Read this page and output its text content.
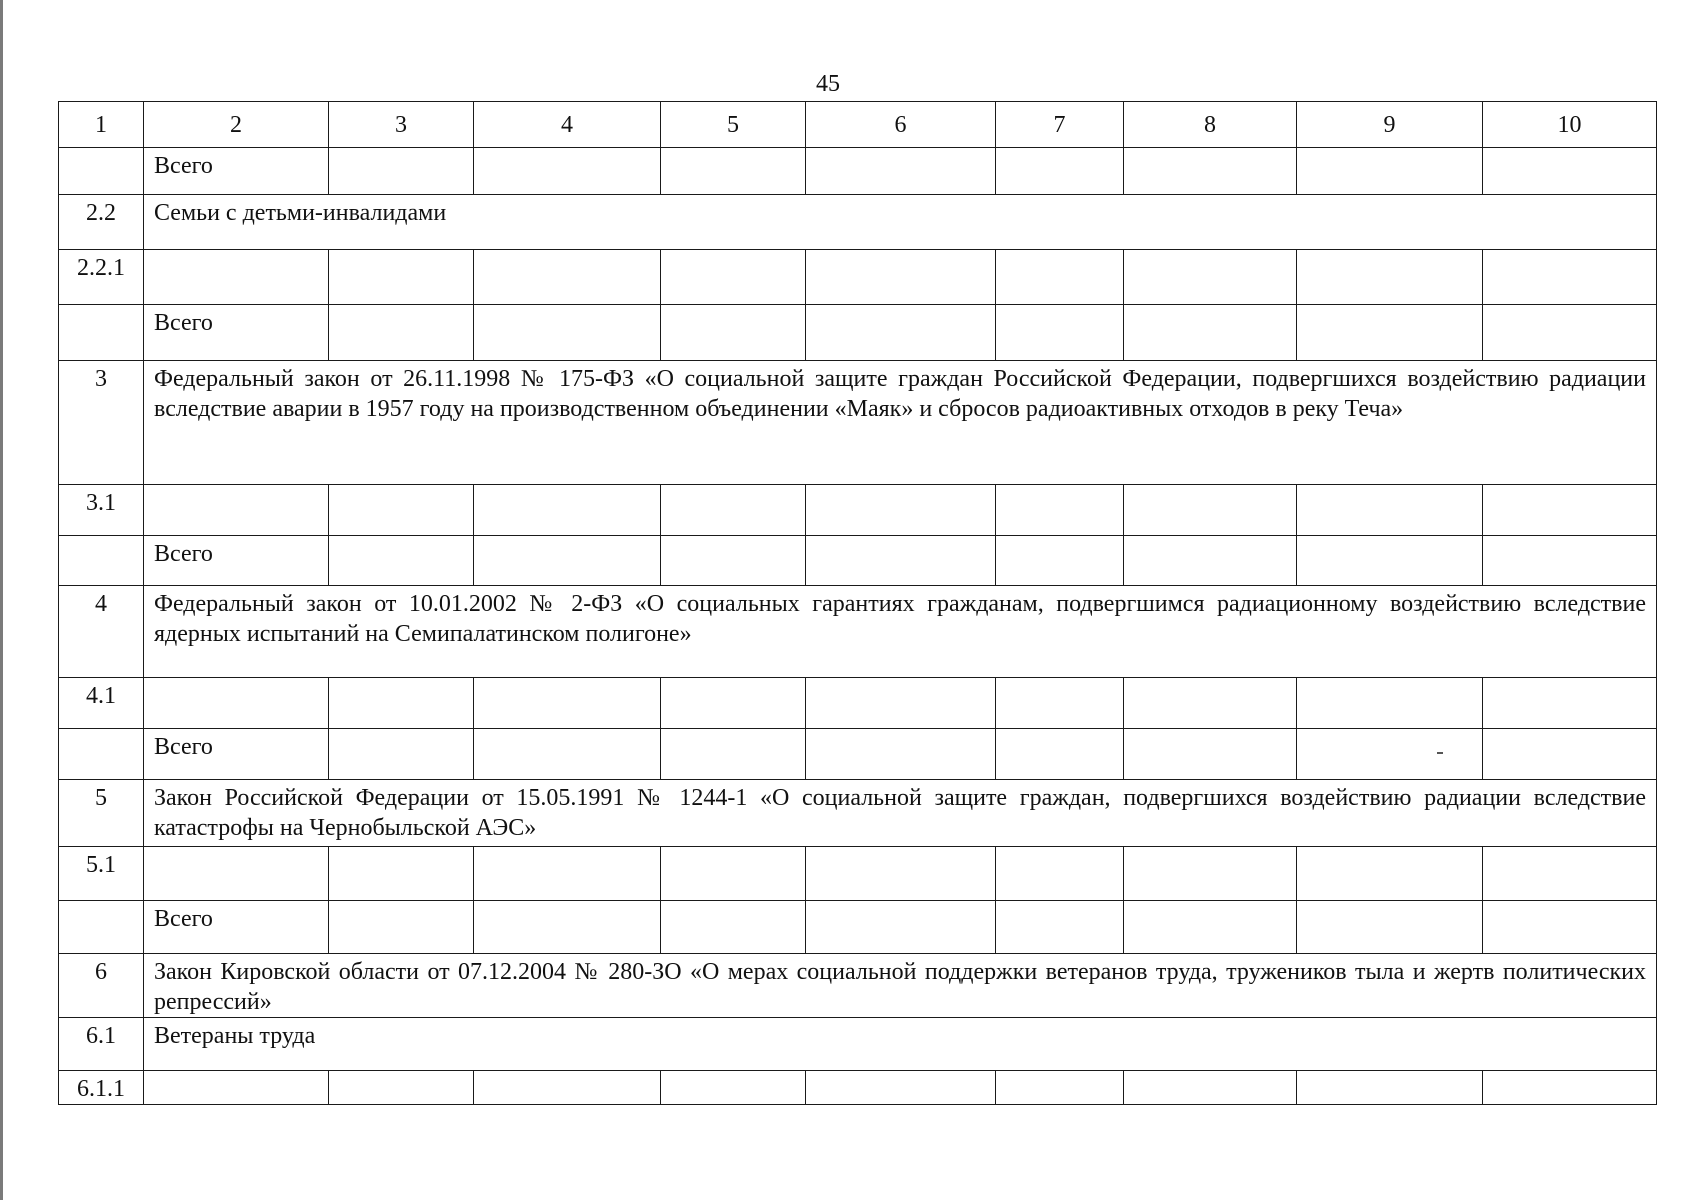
45
1	2	3	4	5	6	7	8	9	10
	Всего								
2.2	Семьи с детьми-инвалидами								
2.2.1									
	Всего								
3	Федеральный закон от 26.11.1998 № 175-ФЗ «О социальной защите граждан Российской Федерации, подвергшихся воздействию радиации вследствие аварии в 1957 году на производственном объединении «Маяк» и сбросов радиоактивных отходов в реку Теча»								
3.1									
	Всего								
4	Федеральный закон от 10.01.2002 № 2-ФЗ «О социальных гарантиях гражданам, подвергшимся радиационному воздействию вследствие ядерных испытаний на Семипалатинском полигоне»								
4.1									
	Всего								
5	Закон Российской Федерации от 15.05.1991 № 1244-1 «О социальной защите граждан, подвергшихся воздействию радиации вследствие катастрофы на Чернобыльской АЭС»								
5.1									
	Всего								
6	Закон Кировской области от 07.12.2004 № 280-ЗО «О мерах социальной поддержки ветеранов труда, тружеников тыла и жертв политических репрессий»								
6.1	Ветераны труда								
6.1.1									
